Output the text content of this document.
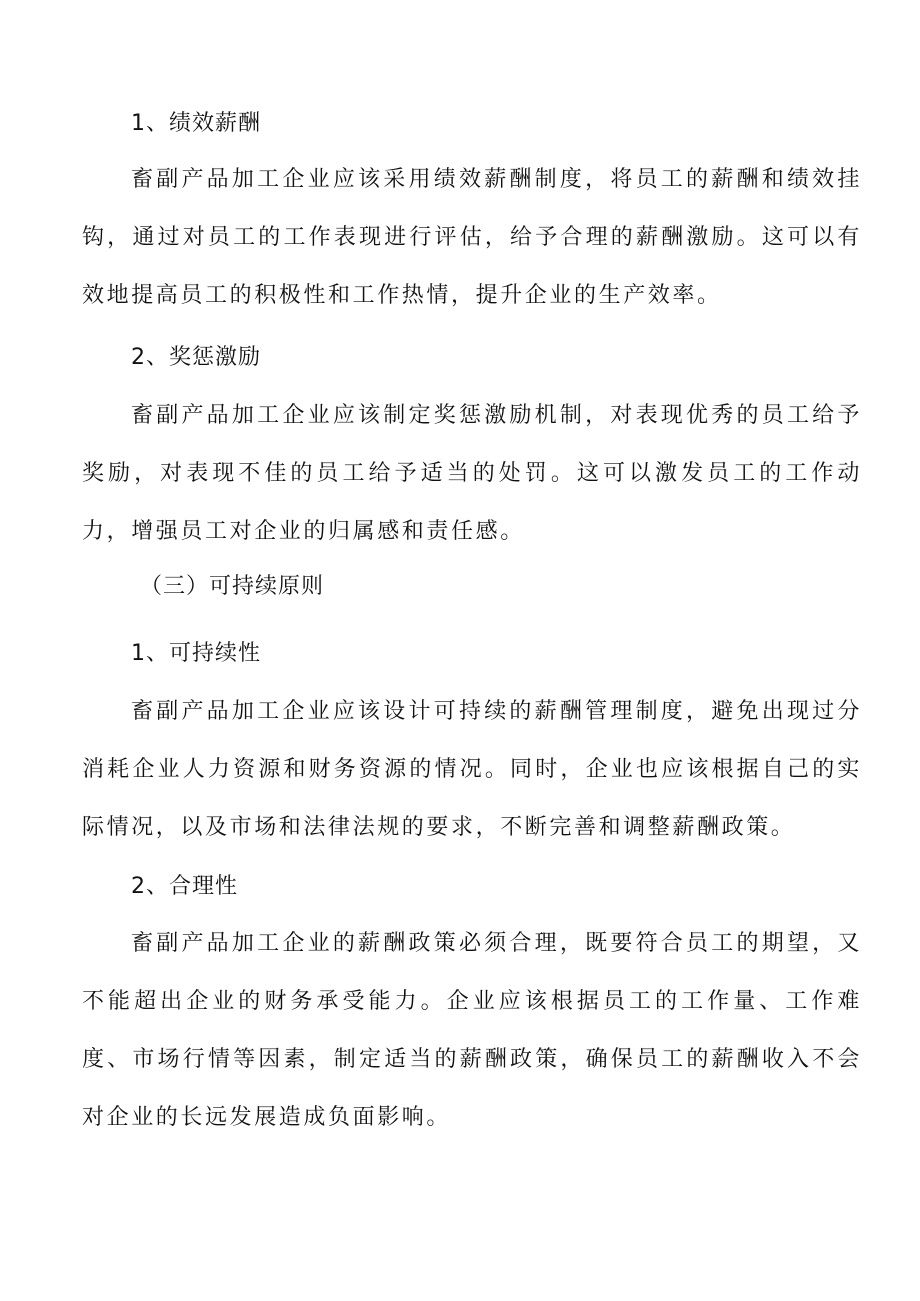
1、绩效薪酬

畜副产品加工企业应该采用绩效薪酬制度，将员工的薪酬和绩效挂钩，通过对员工的工作表现进行评估，给予合理的薪酬激励。这可以有效地提高员工的积极性和工作热情，提升企业的生产效率。

2、奖惩激励

畜副产品加工企业应该制定奖惩激励机制，对表现优秀的员工给予奖励，对表现不佳的员工给予适当的处罚。这可以激发员工的工作动力，增强员工对企业的归属感和责任感。

（三）可持续原则
1、可持续性

畜副产品加工企业应该设计可持续的薪酬管理制度，避免出现过分消耗企业人力资源和财务资源的情况。同时，企业也应该根据自己的实际情况，以及市场和法律法规的要求，不断完善和调整薪酬政策。

2、合理性

畜副产品加工企业的薪酬政策必须合理，既要符合员工的期望，又不能超出企业的财务承受能力。企业应该根据员工的工作量、工作难度、市场行情等因素，制定适当的薪酬政策，确保员工的薪酬收入不会对企业的长远发展造成负面影响。
